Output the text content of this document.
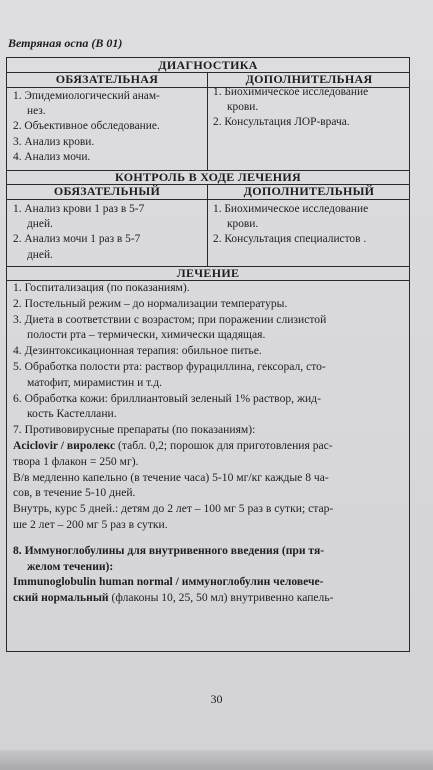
Ветряная оспа (B 01)
ДИАГНОСТИКА
ОБЯЗАТЕЛЬНАЯ	ДОПОЛНИТЕЛЬНАЯ
1. Эпидемиологический анам-
нез.
2. Объективное обследование.
3. Анализ крови.
4. Анализ мочи.
1. Биохимическое исследование
крови.
2. Консультация ЛОР-врача.
КОНТРОЛЬ В ХОДЕ ЛЕЧЕНИЯ
ОБЯЗАТЕЛЬНЫЙ	ДОПОЛНИТЕЛЬНЫЙ
1. Анализ крови 1 раз в 5-7
дней.
2. Анализ мочи 1 раз в 5-7
дней.
1. Биохимическое исследование
крови.
2. Консультация специалистов .
ЛЕЧЕНИЕ

1. Госпитализация (по показаниям).

2. Постельный режим – до нормализации температуры.

3. Диета в соответствии с возрастом; при поражении слизистой

полости рта – термически, химически щадящая.

4. Дезинтоксикационная терапия: обильное питье.

5. Обработка полости рта: раствор фурациллина, гексорал, сто-

матофит, мирамистин и т.д.

6. Обработка кожи: бриллиантовый зеленый 1% раствор, жид-

кость Кастеллани.

7. Противовирусные препараты (по показаниям):

Aciclovir / виролекс (табл. 0,2; порошок для приготовления рас-

твора 1 флакон = 250 мг).

В/в медленно капельно (в течение часа) 5-10 мг/кг каждые 8 ча-

сов, в течение 5-10 дней.

Внутрь, курс 5 дней.: детям до 2 лет – 100 мг 5 раз в сутки; стар-

ше 2 лет – 200 мг 5 раз в сутки.

8. Иммуноглобулины для внутривенного введения (при тя-

желом течении):

Immunoglobulin human normal / иммуноглобулин человече-

ский нормальный (флаконы 10, 25, 50 мл) внутривенно капель-

30
